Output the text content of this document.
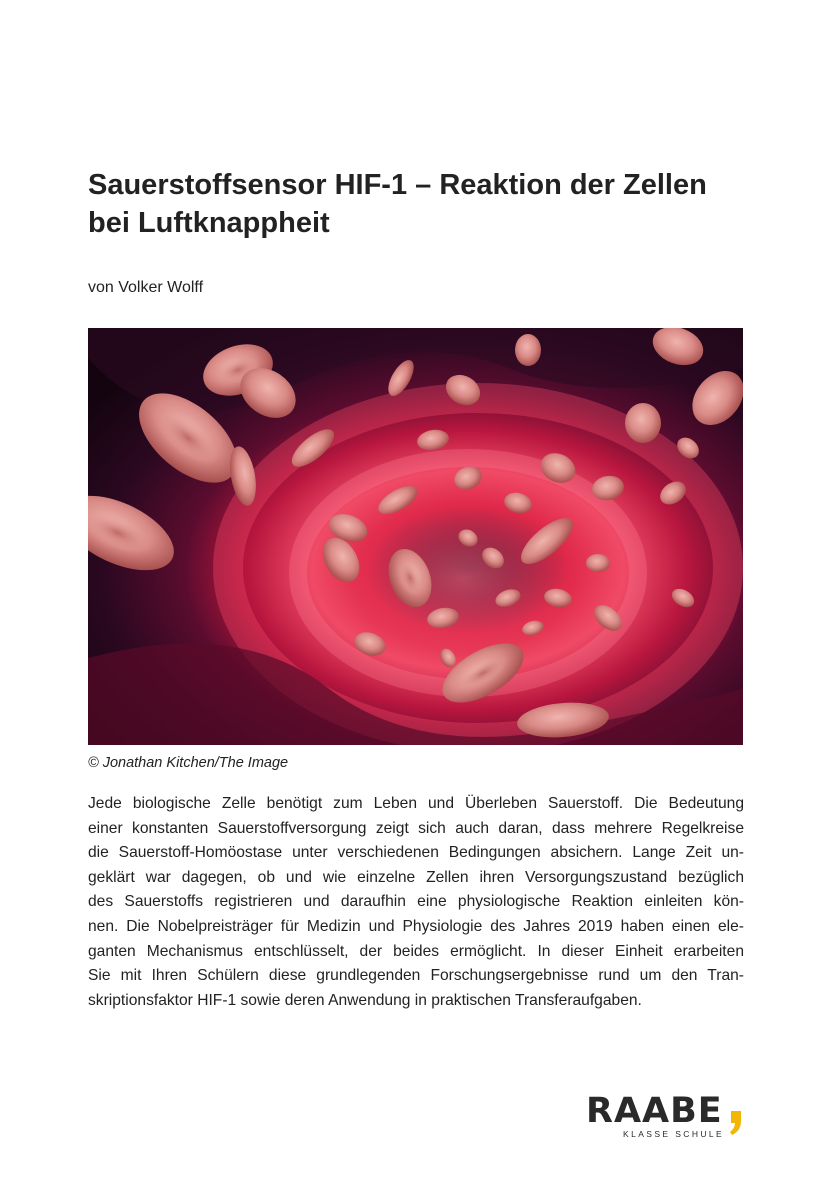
Sauerstoffsensor HIF-1 – Reaktion der Zellen
bei Luftknappheit
von Volker Wolff
© Jonathan Kitchen/The Image

Jede biologische Zelle benötigt zum Leben und Überleben Sauerstoff. Die Bedeutung
einer konstanten Sauerstoffversorgung zeigt sich auch daran, dass mehrere Regelkreise
die Sauerstoff-Homöostase unter verschiedenen Bedingungen absichern. Lange Zeit un-
geklärt war dagegen, ob und wie einzelne Zellen ihren Versorgungszustand bezüglich
des Sauerstoffs registrieren und daraufhin eine physiologische Reaktion einleiten kön-
nen. Die Nobelpreisträger für Medizin und Physiologie des Jahres 2019 haben einen ele-
ganten Mechanismus entschlüsselt, der beides ermöglicht. In dieser Einheit erarbeiten
Sie mit Ihren Schülern diese grundlegenden Forschungsergebnisse rund um den Tran-
skriptionsfaktor HIF-1 sowie deren Anwendung in praktischen Transferaufgaben.

RAABE
KLASSE SCHULE
